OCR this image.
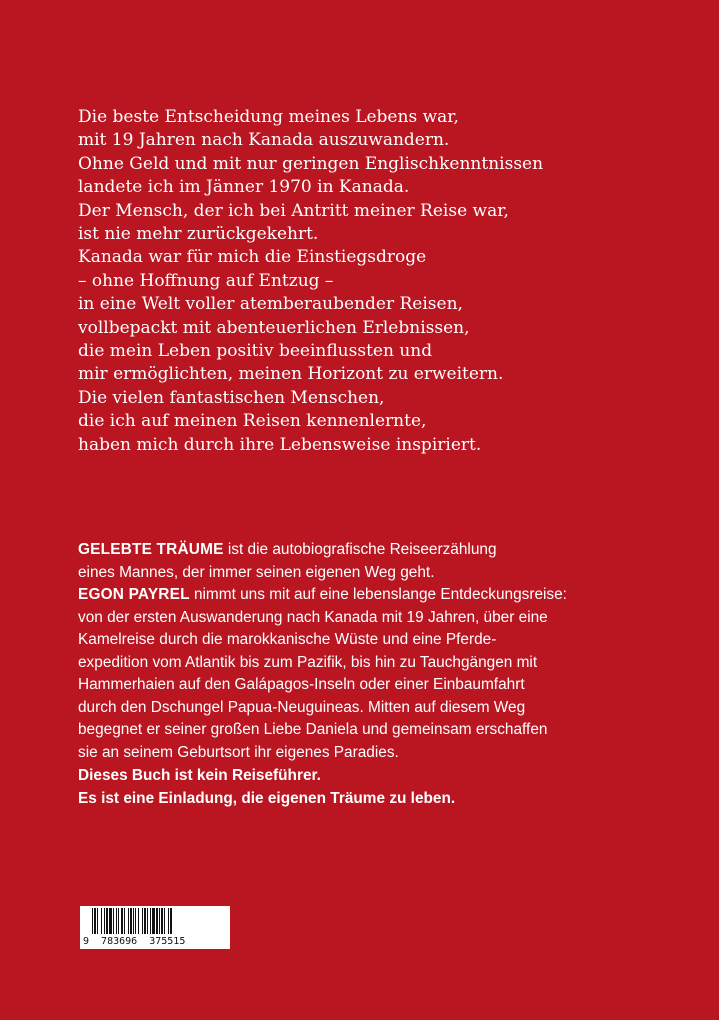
Die beste Entscheidung meines Lebens war,
mit 19 Jahren nach Kanada auszuwandern.
Ohne Geld und mit nur geringen Englischkenntnissen
landete ich im Jänner 1970 in Kanada.
Der Mensch, der ich bei Antritt meiner Reise war,
ist nie mehr zurückgekehrt.
Kanada war für mich die Einstiegsdroge
– ohne Hoffnung auf Entzug –
in eine Welt voller atemberaubender Reisen,
vollbepackt mit abenteuerlichen Erlebnissen,
die mein Leben positiv beeinflussten und
mir ermöglichten, meinen Horizont zu erweitern.
Die vielen fantastischen Menschen,
die ich auf meinen Reisen kennenlernte,
haben mich durch ihre Lebensweise inspiriert.
GELEBTE TRÄUME ist die autobiografische Reiseerzählung
eines Mannes, der immer seinen eigenen Weg geht.
EGON PAYREL nimmt uns mit auf eine lebenslange Entdeckungsreise:
von der ersten Auswanderung nach Kanada mit 19 Jahren, über eine
Kamelreise durch die marokkanische Wüste und eine Pferde-
expedition vom Atlantik bis zum Pazifik, bis hin zu Tauchgängen mit
Hammerhaien auf den Galápagos-Inseln oder einer Einbaumfahrt
durch den Dschungel Papua-Neuguineas. Mitten auf diesem Weg
begegnet er seiner großen Liebe Daniela und gemeinsam erschaffen
sie an seinem Geburtsort ihr eigenes Paradies.
Dieses Buch ist kein Reiseführer.
Es ist eine Einladung, die eigenen Träume zu leben.
9  783696  375515
